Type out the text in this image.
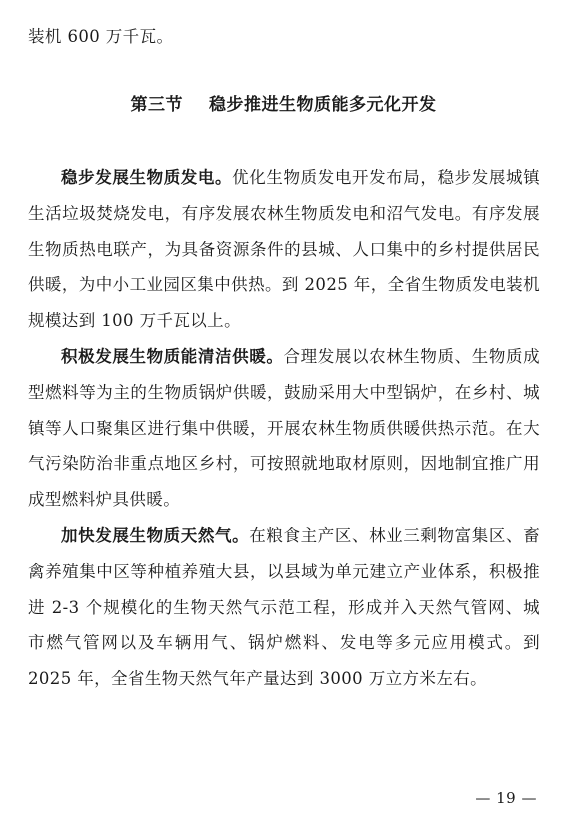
装机 600 万千瓦。
第三节 稳步推进生物质能多元化开发

稳步发展生物质发电。优化生物质发电开发布局，稳步发展城镇生活垃圾焚烧发电，有序发展农林生物质发电和沼气发电。有序发展生物质热电联产，为具备资源条件的县城、人口集中的乡村提供居民供暖，为中小工业园区集中供热。到 2025 年，全省生物质发电装机规模达到 100 万千瓦以上。

积极发展生物质能清洁供暖。合理发展以农林生物质、生物质成型燃料等为主的生物质锅炉供暖，鼓励采用大中型锅炉，在乡村、城镇等人口聚集区进行集中供暖，开展农林生物质供暖供热示范。在大气污染防治非重点地区乡村，可按照就地取材原则，因地制宜推广用成型燃料炉具供暖。

加快发展生物质天然气。在粮食主产区、林业三剩物富集区、畜禽养殖集中区等种植养殖大县，以县域为单元建立产业体系，积极推进 2-3 个规模化的生物天然气示范工程，形成并入天然气管网、城市燃气管网以及车辆用气、锅炉燃料、发电等多元应用模式。到 2025 年，全省生物天然气年产量达到 3000 万立方米左右。

— 19 —
